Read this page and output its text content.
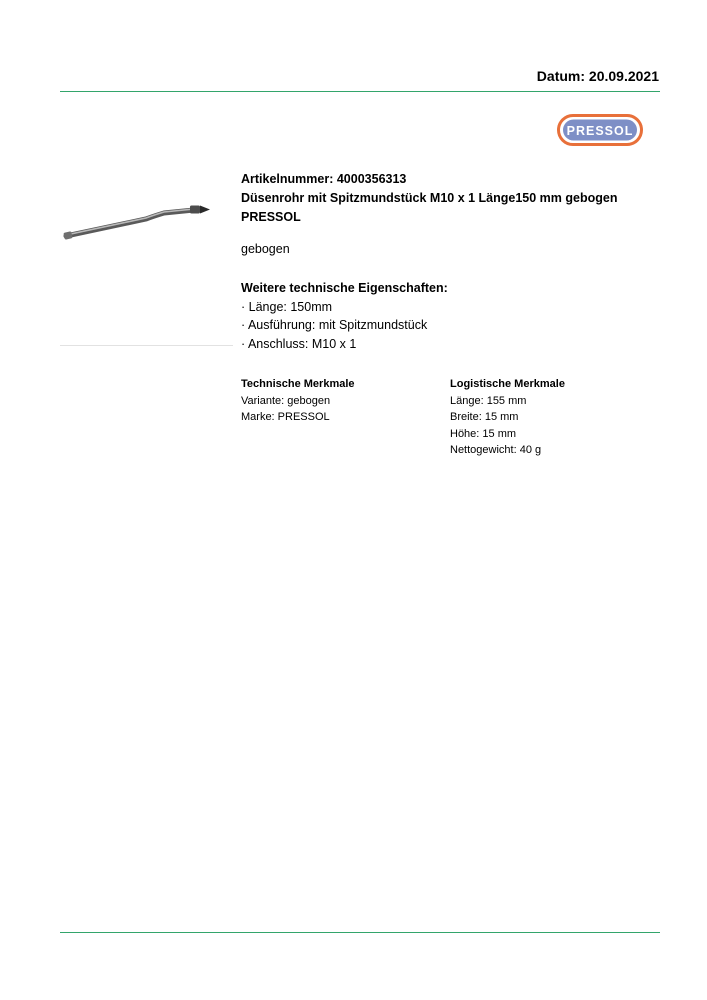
Datum: 20.09.2021
PRESSOL
Artikelnummer: 4000356313
Düsenrohr mit Spitzmundstück M10 x 1 Länge150 mm gebogen
PRESSOL
gebogen
Weitere technische Eigenschaften:
· Länge: 150mm
· Ausführung: mit Spitzmundstück
· Anschluss: M10 x 1
Technische Merkmale
Variante: gebogen
Marke: PRESSOL
Logistische Merkmale
Länge: 155 mm
Breite: 15 mm
Höhe: 15 mm
Nettogewicht: 40 g
